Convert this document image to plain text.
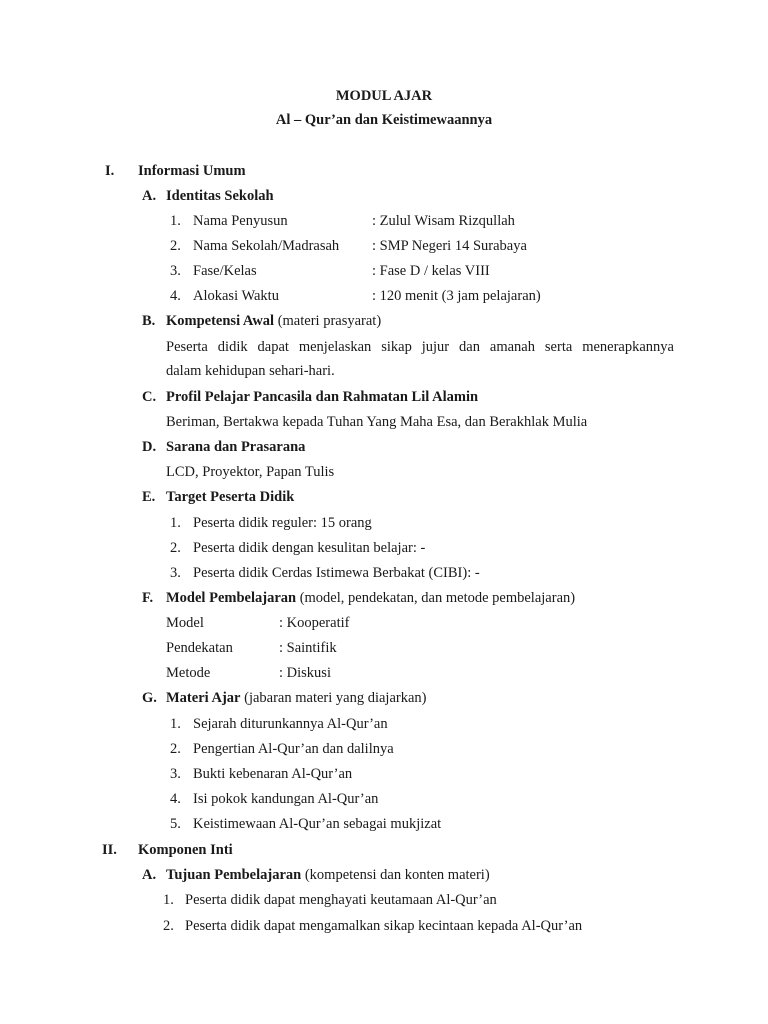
MODUL AJAR
Al – Qur’an dan Keistimewaannya
I. Informasi Umum
A. Identitas Sekolah
1. Nama Penyusun	: Zulul Wisam Rizqullah
2. Nama Sekolah/Madrasah : SMP Negeri 14 Surabaya
3. Fase/Kelas	: Fase D / kelas VIII
4. Alokasi Waktu	: 120 menit (3 jam pelajaran)
B. Kompetensi Awal (materi prasyarat)
Peserta didik dapat menjelaskan sikap jujur dan amanah serta menerapkannya
dalam kehidupan sehari-hari.
C. Profil Pelajar Pancasila dan Rahmatan Lil Alamin
Beriman, Bertakwa kepada Tuhan Yang Maha Esa, dan Berakhlak Mulia
D. Sarana dan Prasarana
LCD, Proyektor, Papan Tulis
E. Target Peserta Didik
1. Peserta didik reguler: 15 orang
2. Peserta didik dengan kesulitan belajar: -
3. Peserta didik Cerdas Istimewa Berbakat (CIBI): -
F. Model Pembelajaran (model, pendekatan, dan metode pembelajaran)
Model	: Kooperatif
Pendekatan	: Saintifik
Metode	: Diskusi
G. Materi Ajar (jabaran materi yang diajarkan)
1. Sejarah diturunkannya Al-Qur’an
2. Pengertian Al-Qur’an dan dalilnya
3. Bukti kebenaran Al-Qur’an
4. Isi pokok kandungan Al-Qur’an
5. Keistimewaan Al-Qur’an sebagai mukjizat
II. Komponen Inti
A. Tujuan Pembelajaran (kompetensi dan konten materi)
1. Peserta didik dapat menghayati keutamaan Al-Qur’an
2. Peserta didik dapat mengamalkan sikap kecintaan kepada Al-Qur’an
